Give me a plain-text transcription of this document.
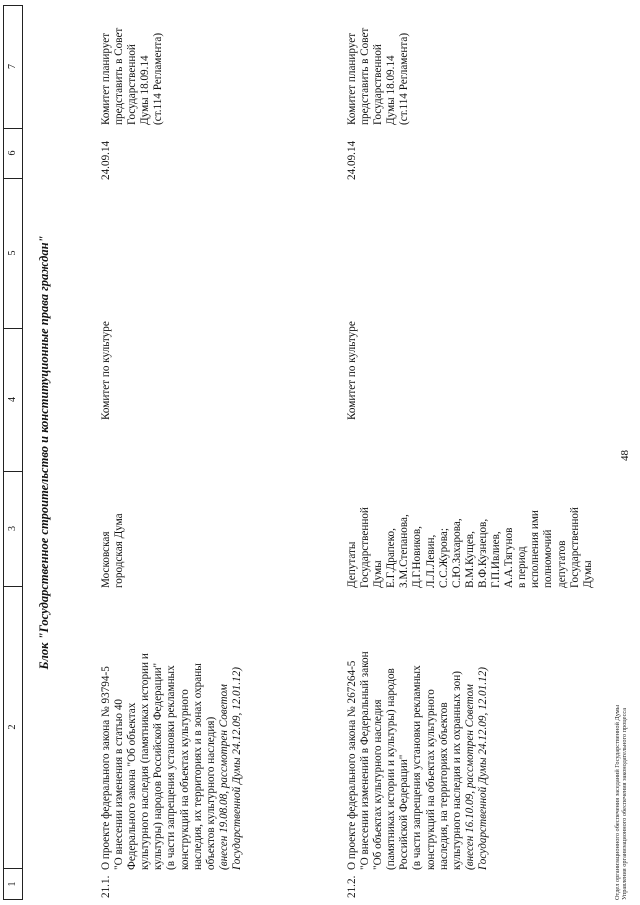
48
1
2
3
4
5
6
7
Блок "Государственное строительство и конституционные права граждан"
21.1.
О проекте федерального закона № 93794-5 "О внесении изменения в статью 40 Федерального закона "Об объектах культурного наследия (памятниках истории и культуры) народов Российской Федерации" (в части запрещения установки рекламных конструкций на объектах культурного наследия, их территориях и в зонах охраны объектов культурного наследия) (внесен 19.08.08, рассмотрен Советом Государственной Думы 24.12.09, 12.01.12)
Московская городская Дума
Комитет по культуре
24.09.14
Комитет планирует представить в Совет Государственной Думы 18.09.14 (ст.114 Регламента)
21.2.
О проекте федерального закона № 267264-5 "О внесении изменений в Федеральный закон "Об объектах культурного наследия (памятниках истории и культуры) народов Российской Федерации" (в части запрещения установки рекламных конструкций на объектах культурного наследия, на территориях объектов культурного наследия и их охранных зон) (внесен 16.10.09, рассмотрен Советом Государственной Думы 24.12.09, 12.01.12)
Депутаты Государственной Думы Е.Г.Драпеко, З.М.Степанова, Д.Г.Новиков, Л.Л.Левин, С.С.Журова; С.Ю.Захарова, В.М.Кущев, В.Ф.Кузнецов, Г.П.Ивлиев, А.А.Тягунов в период исполнения ими полномочий депутатов Государственной Думы
Комитет по культуре
24.09.14
Комитет планирует представить в Совет Государственной Думы 18.09.14 (ст.114 Регламента)
Отдел организационного обеспечения заседаний Государственной Думы Управления организационного обеспечения законодательного процесса
